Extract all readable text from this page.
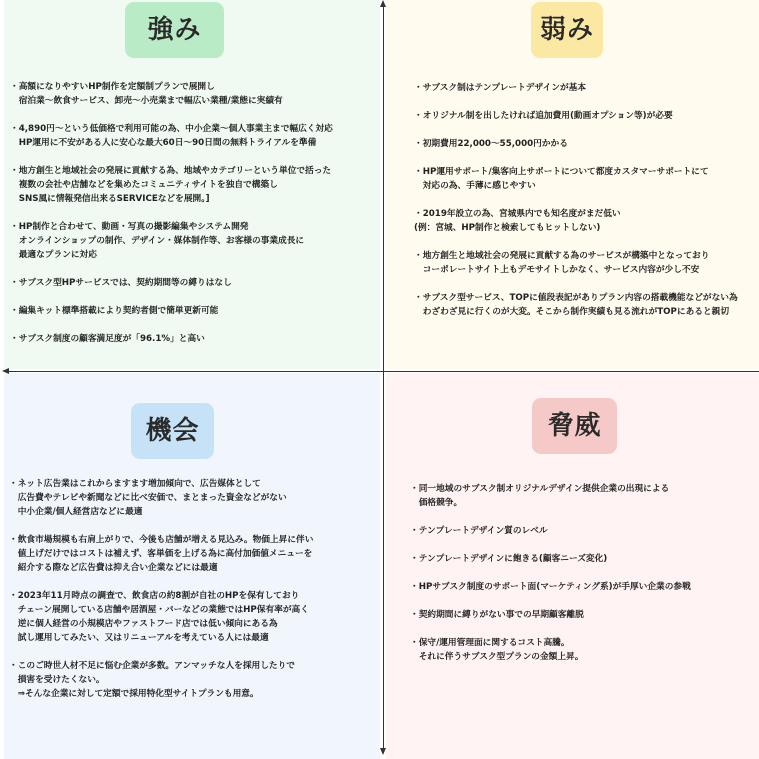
強み	弱み
機会	脅威
・高額になりやすいHP制作を定額制プランで展開し
　宿泊業〜飲食サービス、卸売〜小売業まで幅広い業種/業態に実績有

・4,890円〜という低価格で利用可能の為、中小企業〜個人事業主まで幅広く対応
　HP運用に不安がある人に安心な最大60日〜90日間の無料トライアルを準備

・地方創生と地域社会の発展に貢献する為、地域やカテゴリーという単位で括った
　複数の会社や店舗などを集めたコミュニティサイトを独自で構築し
　SNS風に情報発信出来るSERVICEなどを展開。]

・HP制作と合わせて、動画・写真の撮影編集やシステム開発
　オンラインショップの制作、デザイン・媒体制作等、お客様の事業成長に
　最適なプランに対応

・サブスク型HPサービスでは、契約期間等の縛りはなし

・編集キット標準搭載により契約者側で簡単更新可能

・サブスク制度の顧客満足度が「96.1%」と高い
・サブスク制はテンプレートデザインが基本

・オリジナル制を出したければ追加費用(動画オプション等)が必要

・初期費用22,000〜55,000円かかる

・HP運用サポート/集客向上サポートについて都度カスタマーサポートにて
　対応の為、手薄に感じやすい

・2019年設立の為、宮城県内でも知名度がまだ低い
(例：宮城、HP制作と検索してもヒットしない)

・地方創生と地域社会の発展に貢献する為のサービスが構築中となっており
　コーポレートサイト上もデモサイトしかなく、サービス内容が少し不安

・サブスク型サービス、TOPに値段表記がありプラン内容の搭載機能などがない為
　わざわざ見に行くのが大変。そこから制作実績も見る流れがTOPにあると親切
・ネット広告業はこれからますます増加傾向で、広告媒体として
　広告費やテレビや新聞などに比べ安価で、まとまった資金などがない
　中小企業/個人経営店などに最適

・飲食市場規模も右肩上がりで、今後も店舗が増える見込み。物価上昇に伴い
　値上げだけではコストは補えず、客単価を上げる為に高付加価値メニューを
　紹介する際など広告費は抑え合い企業などには最適

・2023年11月時点の調査で、飲食店の約8割が自社のHPを保有しており
　チェーン展開している店舗や居酒屋・バーなどの業態ではHP保有率が高く
　逆に個人経営の小規模店やファストフード店では低い傾向にある為
　試し運用してみたい、又はリニューアルを考えている人には最適

・このご時世人材不足に悩む企業が多数。アンマッチな人を採用したりで
　損害を受けたくない。
　⇒そんな企業に対して定額で採用特化型サイトプランも用意。
・同一地域のサブスク制オリジナルデザイン提供企業の出現による
　価格競争。

・テンプレートデザイン質のレベル

・テンプレートデザインに飽きる(顧客ニーズ変化)

・HPサブスク制度のサポート面(マーケティング系)が手厚い企業の参戦

・契約期間に縛りがない事での早期顧客離脱

・保守/運用管理面に関するコスト高騰。
　それに伴うサブスク型プランの金額上昇。
